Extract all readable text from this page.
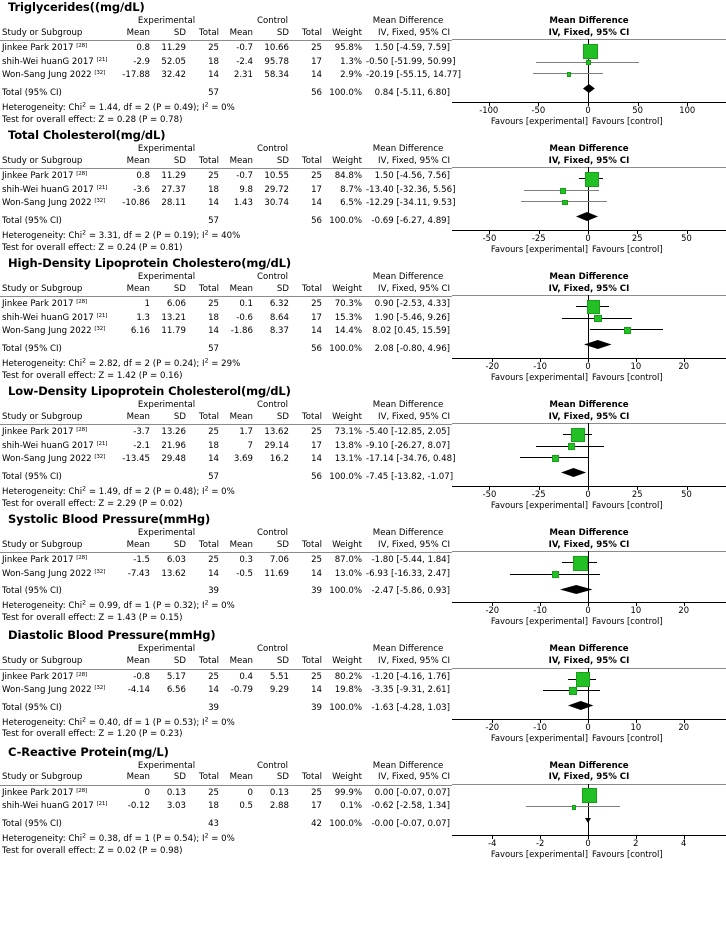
Triglycerides((mg/dL)
	Experimental			Control				Mean Difference
Study or Subgroup	Mean	SD	Total	Mean	SD	Total	Weight	IV, Fixed, 95% CI

Jinkee Park 2017 [28]	0.8	11.29	25	-0.7	10.66	25	95.8%	1.50 [-4.59, 7.59]
shih-Wei huanG 2017 [21]	-2.9	52.05	18	-2.4	95.78	17	1.3%	-0.50 [-51.99, 50.99]
Won-Sang Jung 2022 [32]	-17.88	32.42	14	2.31	58.34	14	2.9%	-20.19 [-55.15, 14.77]

Total (95% CI)			57			56	100.0%	0.84 [-5.11, 6.80]
Heterogeneity: Chi$^2$ = 1.44, df = 2 (P = 0.49); $I^2 = 0\%$								
Test for overall effect: Z = 0.28 (P = 0.78)								
Mean Difference
IV, Fixed, 95% CI
-100	-50	0	50	100
Favours [experimental] Favours [control]
Total Cholesterol(mg/dL)
	Experimental			Control				Mean Difference
Study or Subgroup	Mean	SD	Total	Mean	SD	Total	Weight	IV, Fixed, 95% CI

Jinkee Park 2017 [28]	0.8	11.29	25	-0.7	10.55	25	84.8%	1.50 [-4.56, 7.56]
shih-Wei huanG 2017 [21]	-3.6	27.37	18	9.8	29.72	17	8.7%	-13.40 [-32.36, 5.56]
Won-Sang Jung 2022 [32]	-10.86	28.11	14	1.43	30.74	14	6.5%	-12.29 [-34.11, 9.53]

Total (95% CI)			57			56	100.0%	-0.69 [-6.27, 4.89]
Heterogeneity: Chi$^2$ = 3.31, df = 2 (P = 0.19); $I^2 = 40\%$								
Test for overall effect: Z = 0.24 (P = 0.81)								
Mean Difference
IV, Fixed, 95% CI
-50	-25	0	25	50
Favours [experimental] Favours [control]
High-Density Lipoprotein Cholestero(mg/dL)
	Experimental			Control				Mean Difference
Study or Subgroup	Mean	SD	Total	Mean	SD	Total	Weight	IV, Fixed, 95% CI

Jinkee Park 2017 [28]	1	6.06	25	0.1	6.32	25	70.3%	0.90 [-2.53, 4.33]
shih-Wei huanG 2017 [21]	1.3	13.21	18	-0.6	8.64	17	15.3%	1.90 [-5.46, 9.26]
Won-Sang Jung 2022 [32]	6.16	11.79	14	-1.86	8.37	14	14.4%	8.02 [0.45, 15.59]

Total (95% CI)			57			56	100.0%	2.08 [-0.80, 4.96]
Heterogeneity: Chi$^2$ = 2.82, df = 2 (P = 0.24); $I^2 = 29\%$								
Test for overall effect: Z = 1.42 (P = 0.16)								
Mean Difference
IV, Fixed, 95% CI
-20	-10	0	10	20
Favours [experimental] Favours [control]
Low-Density Lipoprotein Cholesterol(mg/dL)
	Experimental			Control				Mean Difference
Study or Subgroup	Mean	SD	Total	Mean	SD	Total	Weight	IV, Fixed, 95% CI

Jinkee Park 2017 [28]	-3.7	13.26	25	1.7	13.62	25	73.1%	-5.40 [-12.85, 2.05]
shih-Wei huanG 2017 [21]	-2.1	21.96	18	7	29.14	17	13.8%	-9.10 [-26.27, 8.07]
Won-Sang Jung 2022 [32]	-13.45	29.48	14	3.69	16.2	14	13.1%	-17.14 [-34.76, 0.48]

Total (95% CI)			57			56	100.0%	-7.45 [-13.82, -1.07]
Heterogeneity: Chi$^2$ = 1.49, df = 2 (P = 0.48); $I^2 = 0\%$								
Test for overall effect: Z = 2.29 (P = 0.02)								
Mean Difference
IV, Fixed, 95% CI
-50	-25	0	25	50
Favours [experimental] Favours [control]
Systolic Blood Pressure(mmHg)
	Experimental			Control				Mean Difference
Study or Subgroup	Mean	SD	Total	Mean	SD	Total	Weight	IV, Fixed, 95% CI

Jinkee Park 2017 [28]	-1.5	6.03	25	0.3	7.06	25	87.0%	-1.80 [-5.44, 1.84]
Won-Sang Jung 2022 [32]	-7.43	13.62	14	-0.5	11.69	14	13.0%	-6.93 [-16.33, 2.47]

Total (95% CI)			39			39	100.0%	-2.47 [-5.86, 0.93]
Heterogeneity: Chi$^2$ = 0.99, df = 1 (P = 0.32); $I^2 = 0\%$								
Test for overall effect: Z = 1.43 (P = 0.15)								
Mean Difference
IV, Fixed, 95% CI
-20	-10	0	10	20
Favours [experimental] Favours [control]
Diastolic Blood Pressure(mmHg)
	Experimental			Control				Mean Difference
Study or Subgroup	Mean	SD	Total	Mean	SD	Total	Weight	IV, Fixed, 95% CI

Jinkee Park 2017 [28]	-0.8	5.17	25	0.4	5.51	25	80.2%	-1.20 [-4.16, 1.76]
Won-Sang Jung 2022 [32]	-4.14	6.56	14	-0.79	9.29	14	19.8%	-3.35 [-9.31, 2.61]

Total (95% CI)			39			39	100.0%	-1.63 [-4.28, 1.03]
Heterogeneity: Chi$^2$ = 0.40, df = 1 (P = 0.53); $I^2 = 0\%$								
Test for overall effect: Z = 1.20 (P = 0.23)								
Mean Difference
IV, Fixed, 95% CI
-20	-10	0	10	20
Favours [experimental] Favours [control]
C-Reactive Protein(mg/L)
	Experimental			Control				Mean Difference
Study or Subgroup	Mean	SD	Total	Mean	SD	Total	Weight	IV, Fixed, 95% CI

Jinkee Park 2017 [28]	0	0.13	25	0	0.13	25	99.9%	0.00 [-0.07, 0.07]
shih-Wei huanG 2017 [21]	-0.12	3.03	18	0.5	2.88	17	0.1%	-0.62 [-2.58, 1.34]

Total (95% CI)			43			42	100.0%	-0.00 [-0.07, 0.07]
Heterogeneity: Chi$^2$ = 0.38, df = 1 (P = 0.54); $I^2 = 0\%$								
Test for overall effect: Z = 0.02 (P = 0.98)								
Mean Difference
IV, Fixed, 95% CI
-4	-2	0	2	4
Favours [experimental] Favours [control]
